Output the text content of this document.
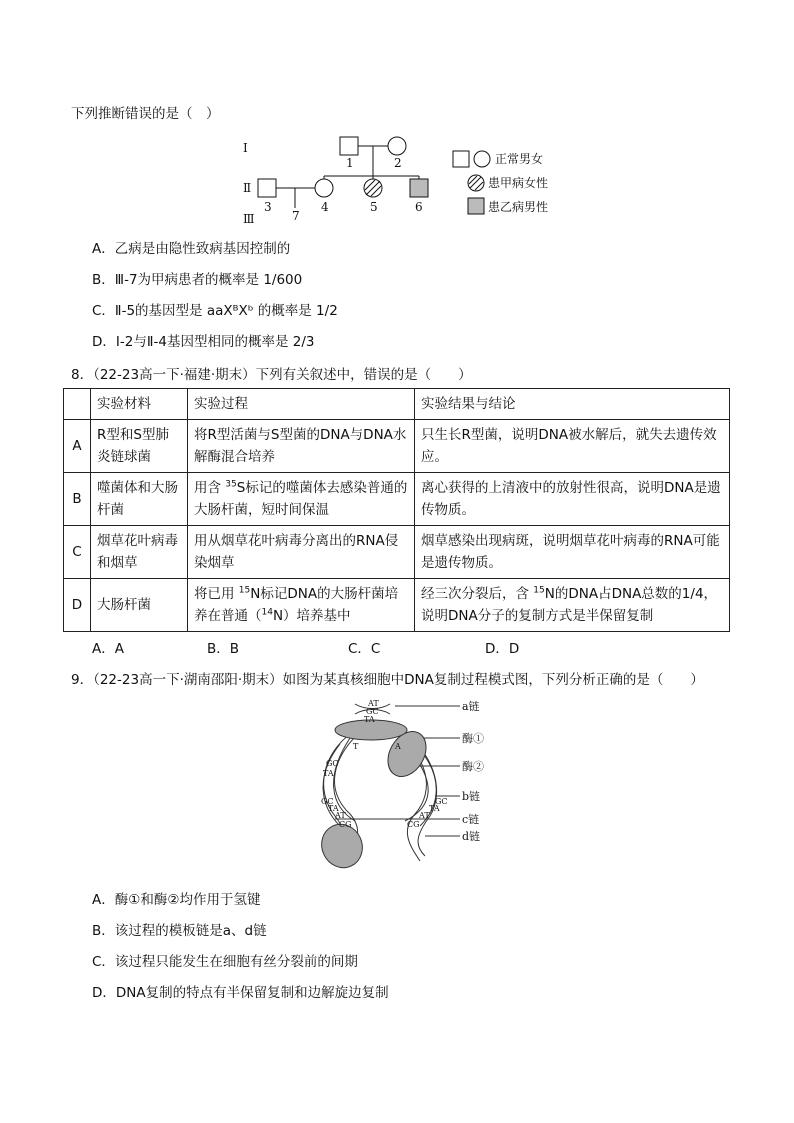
下列推断错误的是（　）
Ⅰ
Ⅱ
Ⅲ
1	2
3	4	5	6
7
正常男女
患甲病女性
患乙病男性
A．乙病是由隐性致病基因控制的
B．Ⅲ-7为甲病患者的概率是 1/600
C．Ⅱ-5的基因型是 aaXᴮXᵇ 的概率是 1/2
D．Ⅰ-2与Ⅱ-4基因型相同的概率是 2/3
8．（22-23高一下·福建·期末）下列有关叙述中，错误的是（　　）
	实验材料	实验过程	实验结果与结论
A	R型和S型肺炎链球菌	将R型活菌与S型菌的DNA与DNA水解酶混合培养	只生长R型菌，说明DNA被水解后，就失去遗传效应。
B	噬菌体和大肠杆菌	用含 $^{35}$S标记的噬菌体去感染普通的大肠杆菌，短时间保温	离心获得的上清液中的放射性很高，说明DNA是遗传物质。
C	烟草花叶病毒和烟草	用从烟草花叶病毒分离出的RNA侵染烟草	烟草感染出现病斑，说明烟草花叶病毒的RNA可能是遗传物质。
D	大肠杆菌	将已用 $^{15}$N标记DNA的大肠杆菌培养在普通（$^{14}$N）培养基中	经三次分裂后，含 $^{15}$N的DNA占DNA总数的1/4，说明DNA分子的复制方式是半保留复制
A．A	B．B	C．C	D．D
9．（22-23高一下·湖南邵阳·期末）如图为某真核细胞中DNA复制过程模式图，下列分析正确的是（　　）
AT
GC
TA
T	A
GC
TA
GC
TA
AT
CG
GC
TA
AT
CG
a链
酶①
酶②
b链
c链
d链
A．酶①和酶②均作用于氢键
B．该过程的模板链是a、d链
C．该过程只能发生在细胞有丝分裂前的间期
D．DNA复制的特点有半保留复制和边解旋边复制
